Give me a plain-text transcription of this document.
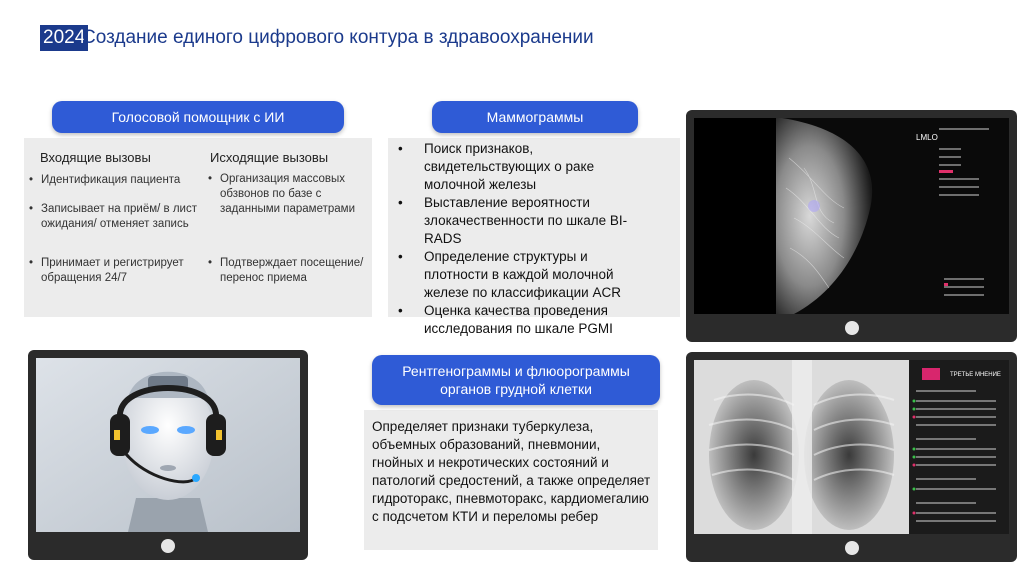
2024
Создание единого цифрового контура в здравоохранении
Голосовой помощник с ИИ
Входящие вызовы	Исходящие вызовы
• Идентификация пациента
• Записывает на приём/ в лист ожидания/ отменяет запись
• Принимает и регистрирует обращения 24/7
• Организация массовых обзвонов по базе с заданными параметрами
• Подтверждает посещение/ перенос приема
Маммограммы
• Поиск признаков, свидетельствующих о раке молочной железы
• Выставление вероятности злокачественности по шкале BI-RADS
• Определение структуры и плотности в каждой молочной железе по классификации ACR
• Оценка качества проведения исследования по шкале PGMI
Рентгенограммы и флюорограммы органов грудной клетки
Определяет признаки туберкулеза, объемных образований, пневмонии, гнойных и некротических состояний и патологий средостений, а также определяет гидроторакс, пневмоторакс, кардиомегалию с подсчетом КТИ и переломы ребер
LMLO
ТРЕТЬЕ МНЕНИЕ
